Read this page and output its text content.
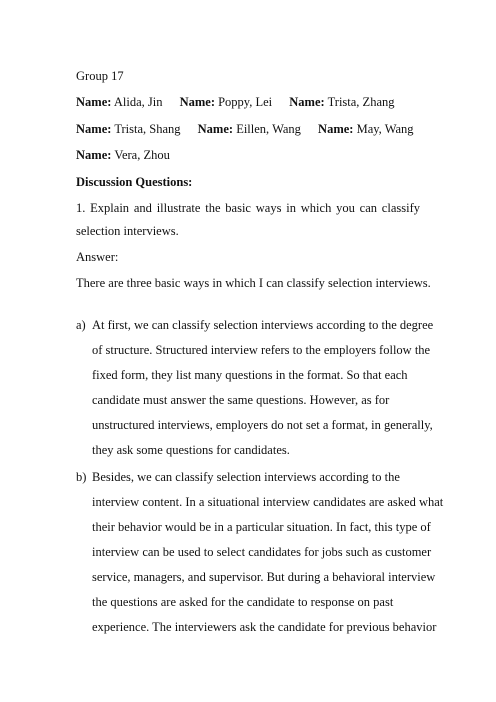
Group 17
Name: Alida, Jin Name: Poppy, Lei Name: Trista, Zhang
Name: Trista, Shang Name: Eillen, Wang Name: May, Wang
Name: Vera, Zhou
Discussion Questions:
1. Explain and illustrate the basic ways in which you can classify
selection interviews.
Answer:
There are three basic ways in which I can classify selection interviews.
a) At first, we can classify selection interviews according to the degree
of structure. Structured interview refers to the employers follow the
fixed form, they list many questions in the format. So that each
candidate must answer the same questions. However, as for
unstructured interviews, employers do not set a format, in generally,
they ask some questions for candidates.
b) Besides, we can classify selection interviews according to the
interview content. In a situational interview candidates are asked what
their behavior would be in a particular situation. In fact, this type of
interview can be used to select candidates for jobs such as customer
service, managers, and supervisor. But during a behavioral interview
the questions are asked for the candidate to response on past
experience. The interviewers ask the candidate for previous behavior
